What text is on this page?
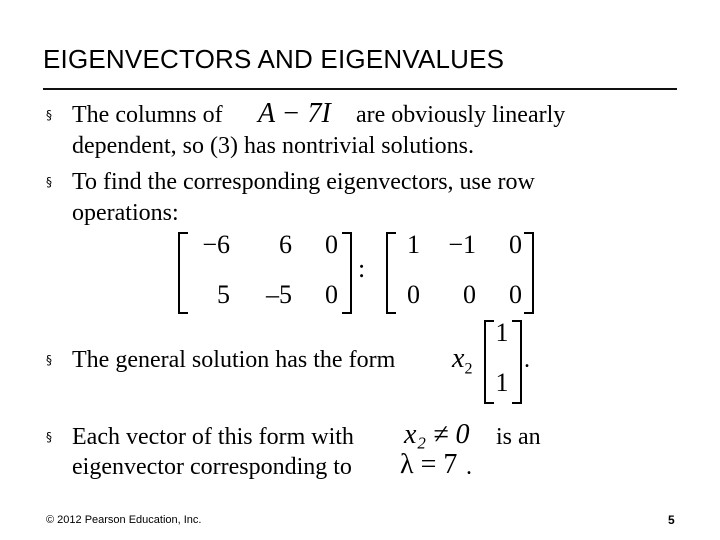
EIGENVECTORS AND EIGENVALUES
§ The columns of A − 7I are obviously linearly
dependent, so (3) has nontrivial solutions.
§ To find the corresponding eigenvectors, use row
operations:
−6	6	0
5	–5	0
:
1	−1	0
0	0	0
§ The general solution has the form $x_2$
1
1
.
§ Each vector of this form with x₂ ≠ 0 is an
eigenvector corresponding to λ = 7 .
© 2012 Pearson Education, Inc.	5
